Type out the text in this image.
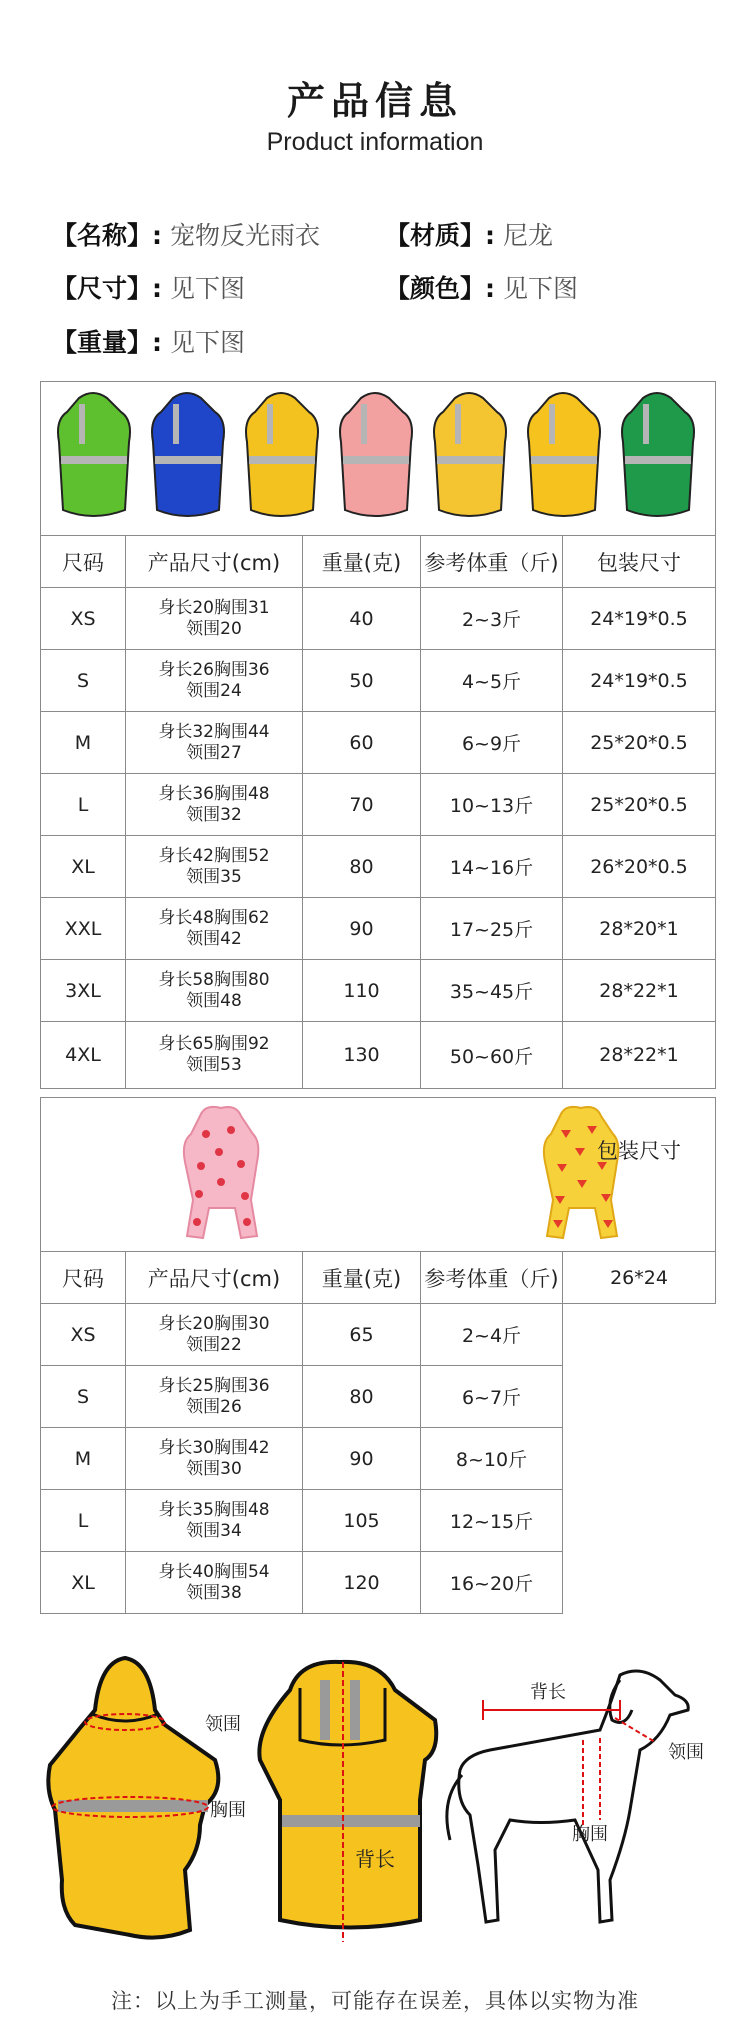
产品信息
Product information
【名称】: 宠物反光雨衣	【材质】: 尼龙
【尺寸】: 见下图	【颜色】: 见下图
【重量】: 见下图

尺码	产品尺寸(cm)	重量(克)	参考体重（斤)	包装尺寸
XS	身长20胸围31
领围20	40	2~3斤	24*19*0.5
S	身长26胸围36
领围24	50	4~5斤	24*19*0.5
M	身长32胸围44
领围27	60	6~9斤	25*20*0.5
L	身长36胸围48
领围32	70	10~13斤	25*20*0.5
XL	身长42胸围52
领围35	80	14~16斤	26*20*0.5
XXL	身长48胸围62
领围42	90	17~25斤	28*20*1
3XL	身长58胸围80
领围48	110	35~45斤	28*22*1
4XL	身长65胸围92
领围53	130	50~60斤	28*22*1

尺码	产品尺寸(cm)	重量(克)	参考体重（斤)	包装尺寸
26*24

XS	身长20胸围30
领围22	65	2~4斤	
S	身长25胸围36
领围26	80	6~7斤	
M	身长30胸围42
领围30	90	8~10斤	
L	身长35胸围48
领围34	105	12~15斤	
XL	身长40胸围54
领围38	120	16~20斤	
领围
胸围
背长
背长
领围
胸围
注：以上为手工测量，可能存在误差，具体以实物为准
